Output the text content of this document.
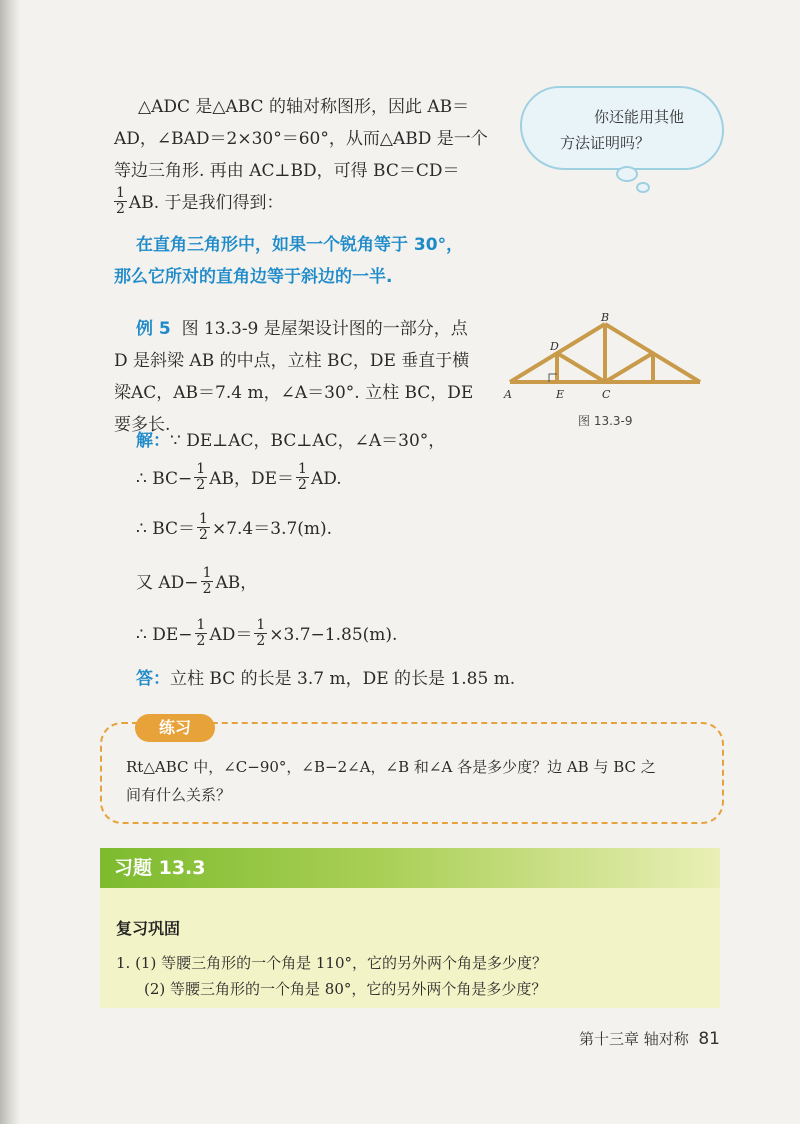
△ADC 是△ABC 的轴对称图形，因此 AB＝
AD，∠BAD＝2×30°＝60°，从而△ABD 是一个
等边三角形. 再由 AC⊥BD，可得 BC＝CD＝
$\frac{1}{2}$ AB. 于是我们得到：
你还能用其他
方法证明吗？
在直角三角形中，如果一个锐角等于 30°，
那么它所对的直角边等于斜边的一半.
例 5 图 13.3-9 是屋架设计图的一部分，点
D 是斜梁 AB 的中点，立柱 BC，DE 垂直于横
梁AC，AB＝7.4 m，∠A＝30°. 立柱 BC，DE
要多长.
A
B
C
D
E
图 13.3-9
解：∵ DE⊥AC，BC⊥AC，∠A＝30°，
∴ $BC- \frac{1}{2}$ AB，$DE= \frac{1}{2}$ AD.
∴ $BC= \frac{1}{2} \times 7.4=3.7(m)$.
又 $AD- \frac{1}{2}$ AB，
∴ $DE- \frac{1}{2} AD= \frac{1}{2} \times 3.7-1.85(m)$.
答：立柱 BC 的长是 3.7 m，DE 的长是 1.85 m.
练习
Rt△ABC 中，∠C−90°，∠B−2∠A，∠B 和∠A 各是多少度？边 AB 与 BC 之
间有什么关系？
习题 13.3
复习巩固
1. (1) 等腰三角形的一个角是 110°，它的另外两个角是多少度？
(2) 等腰三角形的一个角是 80°，它的另外两个角是多少度？
第十三章 轴对称 81
